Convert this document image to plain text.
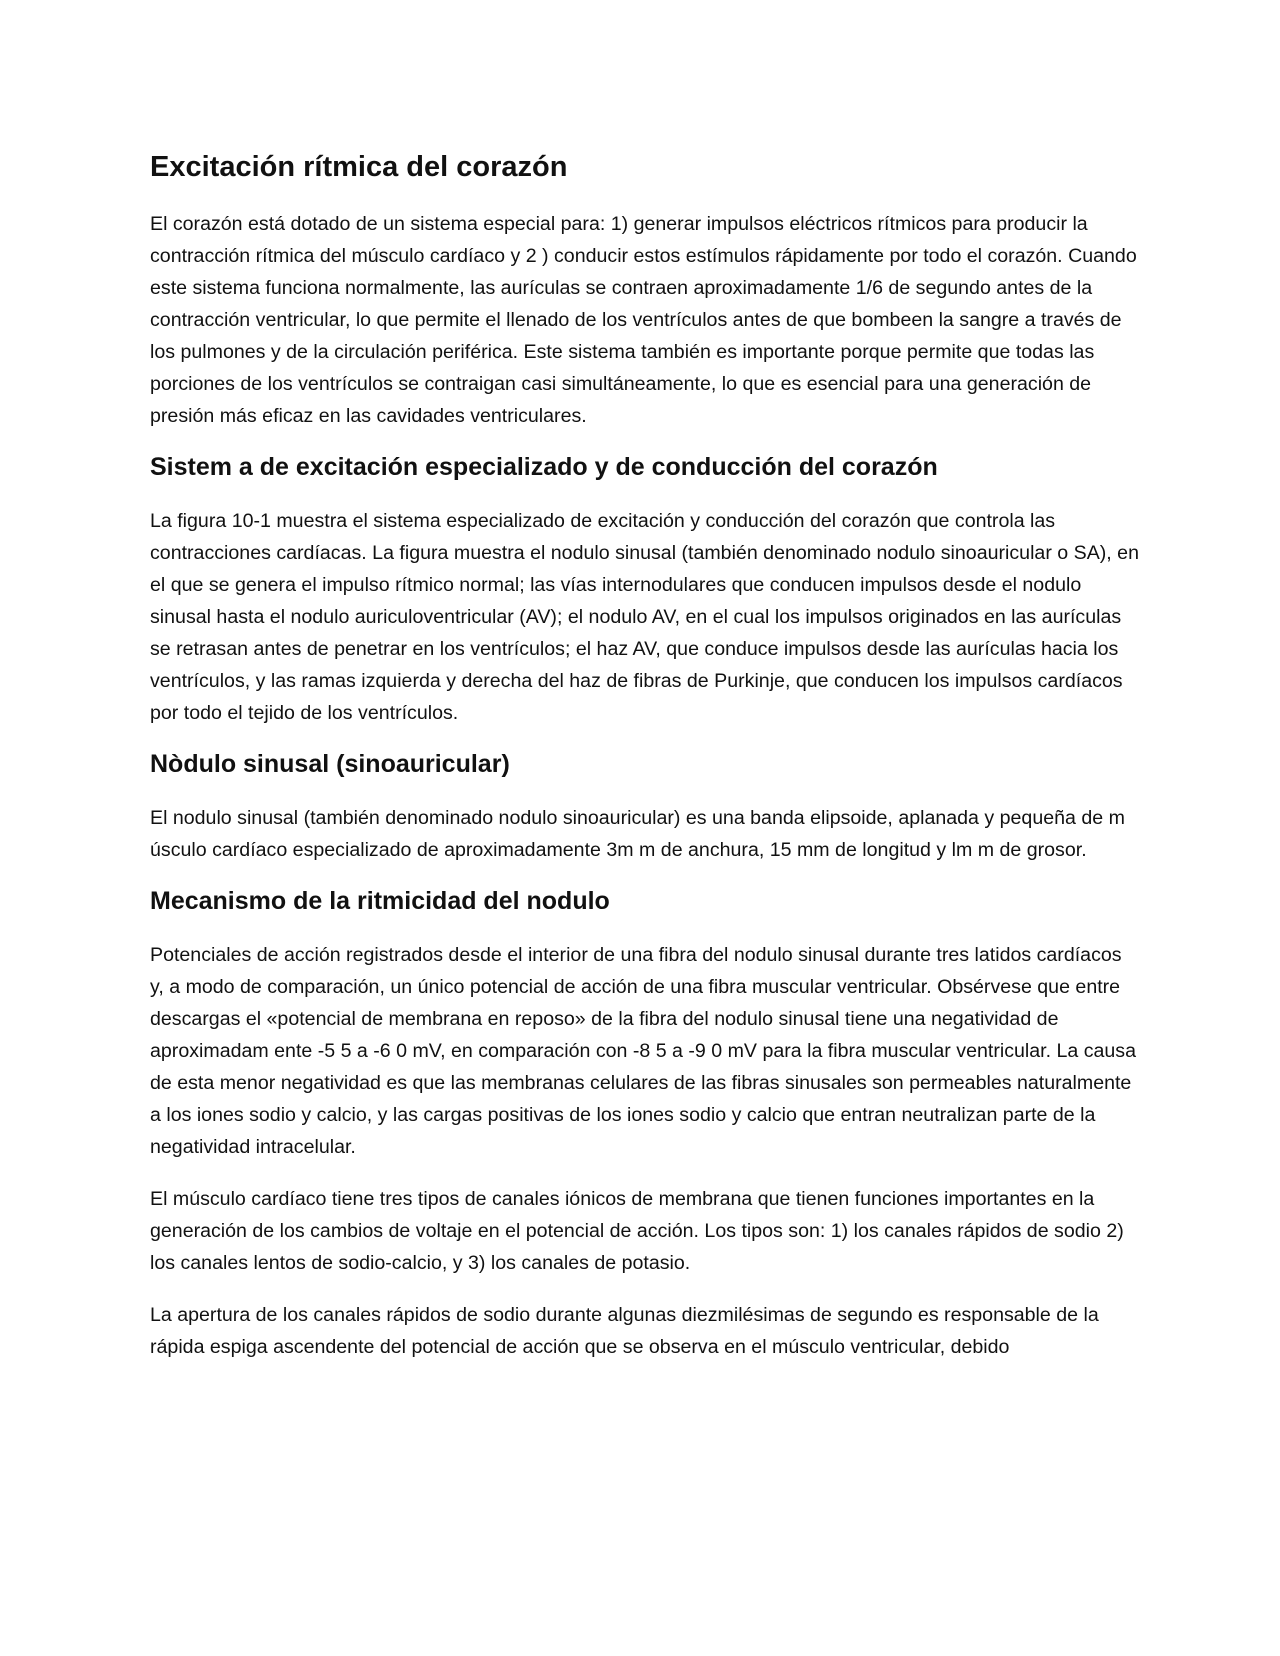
Excitación rítmica del corazón

El corazón está dotado de un sistema especial para: 1) generar impulsos eléctricos rítmicos para producir la contracción rítmica del músculo cardíaco y 2 ) conducir estos estímulos rápidamente por todo el corazón. Cuando este sistema funciona normalmente, las aurículas se contraen aproximadamente 1/6 de segundo antes de la contracción ventricular, lo que permite el llenado de los ventrículos antes de que bombeen la sangre a través de los pulmones y de la circulación periférica. Este sistema también es importante porque permite que todas las porciones de los ventrículos se contraigan casi simultáneamente, lo que es esencial para una generación de presión más eficaz en las cavidades ventriculares.

Sistem a de excitación especializado y de conducción del corazón

La figura 10-1 muestra el sistema especializado de excitación y conducción del corazón que controla las contracciones cardíacas. La figura muestra el nodulo sinusal (también denominado nodulo sinoauricular o SA), en el que se genera el impulso rítmico normal; las vías internodulares que conducen impulsos desde el nodulo sinusal hasta el nodulo auriculoventricular (AV); el nodulo AV, en el cual los impulsos originados en las aurículas se retrasan antes de penetrar en los ventrículos; el haz AV, que conduce impulsos desde las aurículas hacia los ventrículos, y las ramas izquierda y derecha del haz de fibras de Purkinje, que conducen los impulsos cardíacos por todo el tejido de los ventrículos.

Nòdulo sinusal (sinoauricular)

El nodulo sinusal (también denominado nodulo sinoauricular) es una banda elipsoide, aplanada y pequeña de m úsculo cardíaco especializado de aproximadamente 3m m de anchura, 15 mm de longitud y lm m de grosor.

Mecanismo de la ritmicidad del nodulo

Potenciales de acción registrados desde el interior de una fibra del nodulo sinusal durante tres latidos cardíacos y, a modo de comparación, un único potencial de acción de una fibra muscular ventricular. Obsérvese que entre descargas el «potencial de membrana en reposo» de la fibra del nodulo sinusal tiene una negatividad de aproximadam ente -5 5 a -6 0 mV, en comparación con -8 5 a -9 0 mV para la fibra muscular ventricular. La causa de esta menor negatividad es que las membranas celulares de las fibras sinusales son permeables naturalmente a los iones sodio y calcio, y las cargas positivas de los iones sodio y calcio que entran neutralizan parte de la negatividad intracelular.

El músculo cardíaco tiene tres tipos de canales iónicos de membrana que tienen funciones importantes en la generación de los cambios de voltaje en el potencial de acción. Los tipos son: 1) los canales rápidos de sodio 2) los canales lentos de sodio-calcio, y 3) los canales de potasio.

La apertura de los canales rápidos de sodio durante algunas diezmilésimas de segundo es responsable de la rápida espiga ascendente del potencial de acción que se observa en el músculo ventricular, debido
